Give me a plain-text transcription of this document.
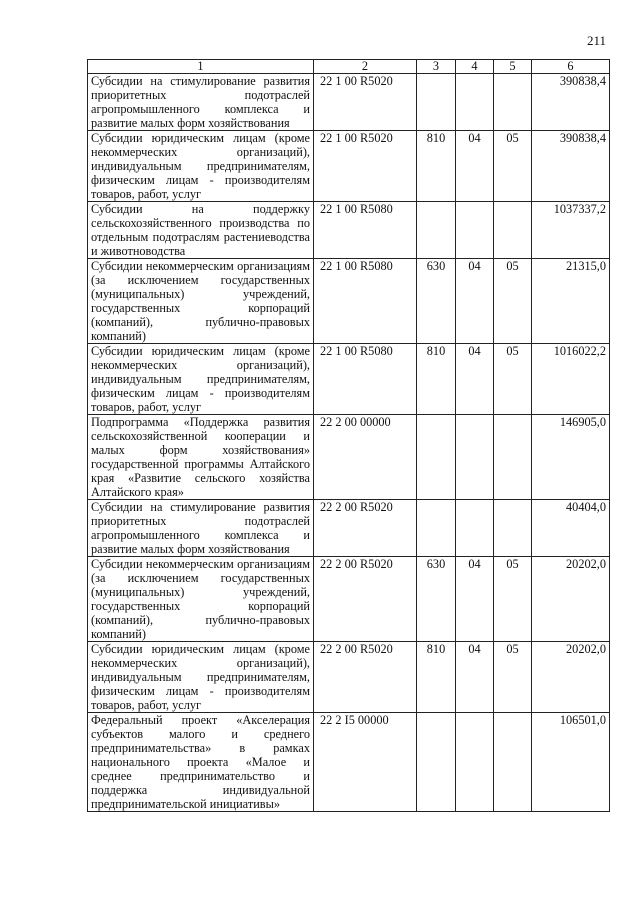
211
1	2	3	4	5	6
Субсидии на стимулирование развития приоритетных подотраслей агропромышленного комплекса и развитие малых форм хозяйствования	22 1 00 R5020				390838,4
Субсидии юридическим лицам (кроме некоммерческих организаций), индивидуальным предпринимателям, физическим лицам - производителям товаров, работ, услуг	22 1 00 R5020	810	04	05	390838,4
Субсидии на поддержку сельскохозяйственного производства по отдельным подотраслям растениеводства и животноводства	22 1 00 R5080				1037337,2
Субсидии некоммерческим организациям (за исключением государственных (муниципальных) учреждений, государственных корпораций (компаний), публично-правовых компаний)	22 1 00 R5080	630	04	05	21315,0
Субсидии юридическим лицам (кроме некоммерческих организаций), индивидуальным предпринимателям, физическим лицам - производителям товаров, работ, услуг	22 1 00 R5080	810	04	05	1016022,2
Подпрограмма «Поддержка развития сельскохозяйственной кооперации и малых форм хозяйствования» государственной программы Алтайского края «Развитие сельского хозяйства Алтайского края»	22 2 00 00000				146905,0
Субсидии на стимулирование развития приоритетных подотраслей агропромышленного комплекса и развитие малых форм хозяйствования	22 2 00 R5020				40404,0
Субсидии некоммерческим организациям (за исключением государственных (муниципальных) учреждений, государственных корпораций (компаний), публично-правовых компаний)	22 2 00 R5020	630	04	05	20202,0
Субсидии юридическим лицам (кроме некоммерческих организаций), индивидуальным предпринимателям, физическим лицам - производителям товаров, работ, услуг	22 2 00 R5020	810	04	05	20202,0
Федеральный проект «Акселерация субъектов малого и среднего предпринимательства» в рамках национального проекта «Малое и среднее предпринимательство и поддержка индивидуальной предпринимательской инициативы»	22 2 I5 00000				106501,0
